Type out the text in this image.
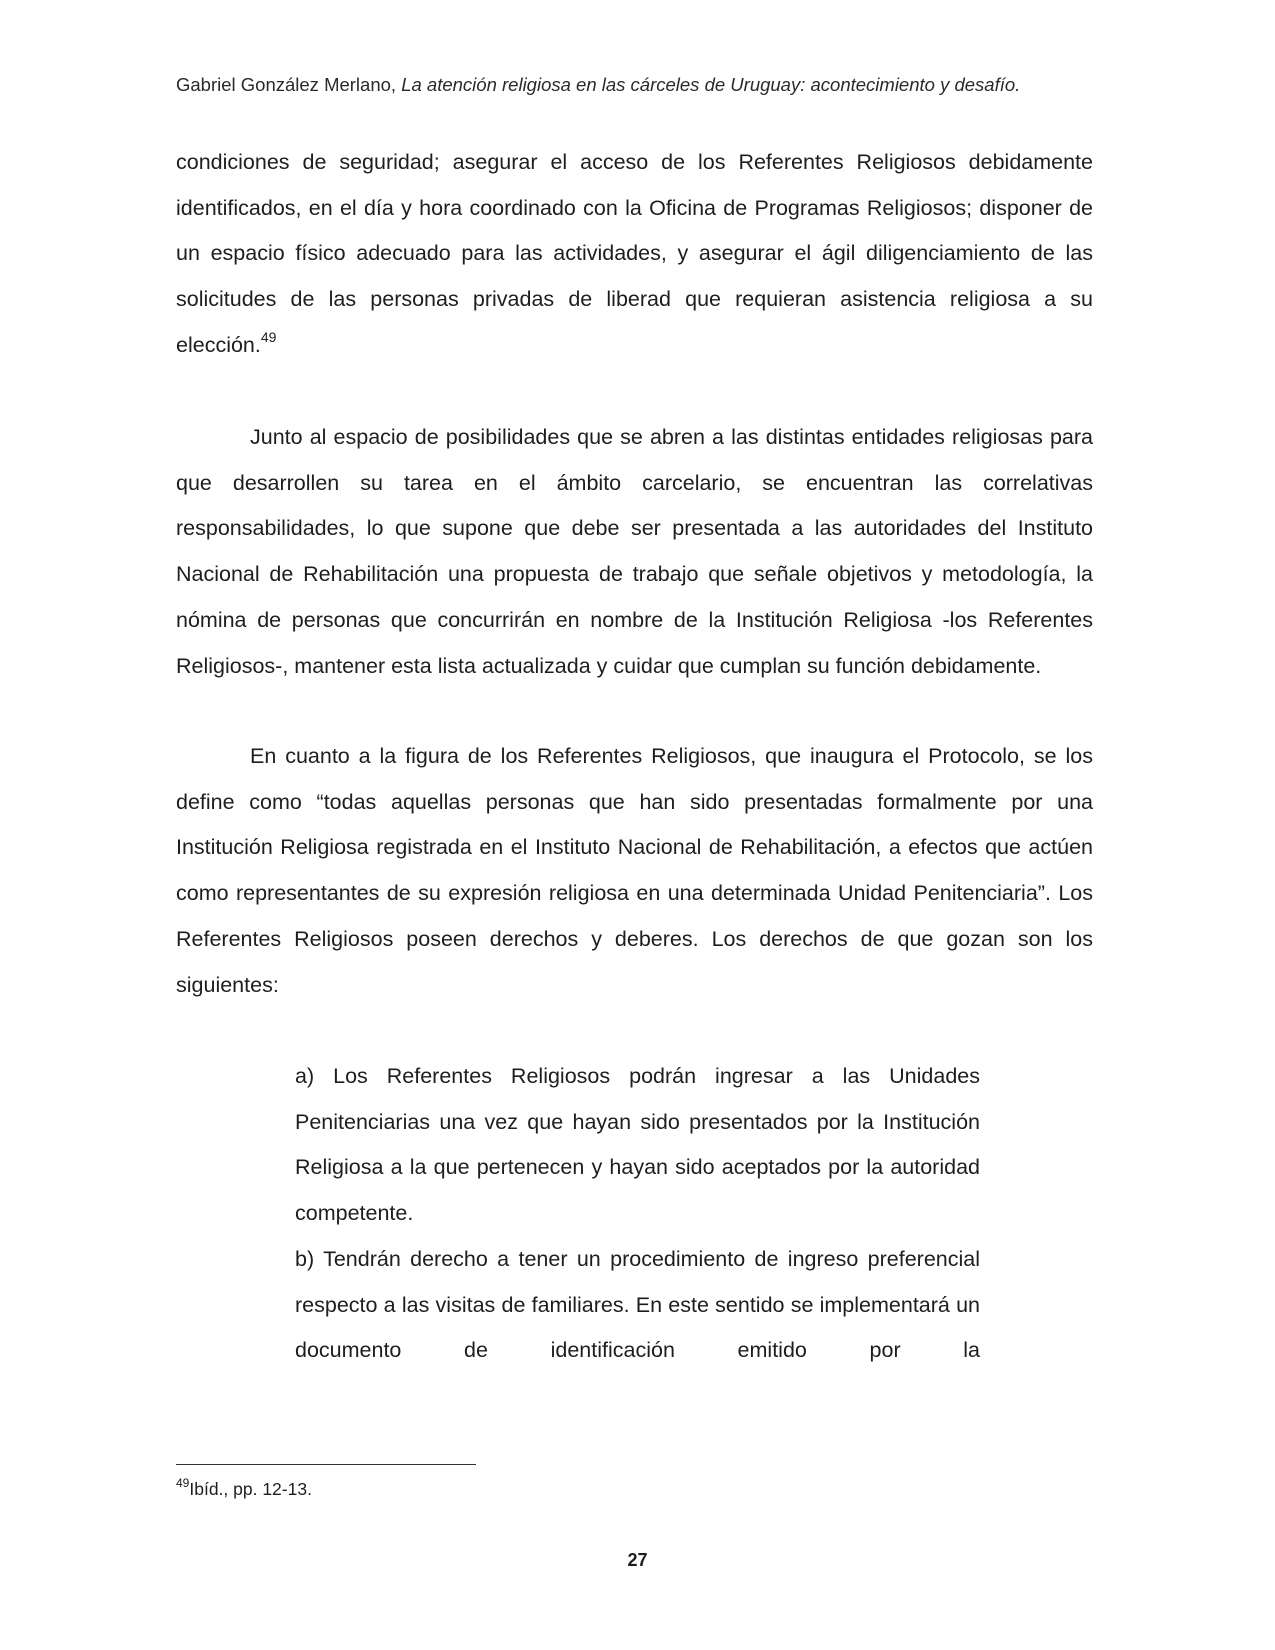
Gabriel González Merlano, La atención religiosa en las cárceles de Uruguay: acontecimiento y desafío.

condiciones de seguridad; asegurar el acceso de los Referentes Religiosos debidamente identificados, en el día y hora coordinado con la Oficina de Programas Religiosos; disponer de un espacio físico adecuado para las actividades, y asegurar el ágil diligenciamiento de las solicitudes de las personas privadas de liberad que requieran asistencia religiosa a su elección.$^{49}$

Junto al espacio de posibilidades que se abren a las distintas entidades religiosas para que desarrollen su tarea en el ámbito carcelario, se encuentran las correlativas responsabilidades, lo que supone que debe ser presentada a las autoridades del Instituto Nacional de Rehabilitación una propuesta de trabajo que señale objetivos y metodología, la nómina de personas que concurrirán en nombre de la Institución Religiosa -los Referentes Religiosos-, mantener esta lista actualizada y cuidar que cumplan su función debidamente.

En cuanto a la figura de los Referentes Religiosos, que inaugura el Protocolo, se los define como “todas aquellas personas que han sido presentadas formalmente por una Institución Religiosa registrada en el Instituto Nacional de Rehabilitación, a efectos que actúen como representantes de su expresión religiosa en una determinada Unidad Penitenciaria”. Los Referentes Religiosos poseen derechos y deberes. Los derechos de que gozan son los siguientes:

a) Los Referentes Religiosos podrán ingresar a las Unidades Penitenciarias una vez que hayan sido presentados por la Institución Religiosa a la que pertenecen y hayan sido aceptados por la autoridad competente.

b) Tendrán derecho a tener un procedimiento de ingreso preferencial respecto a las visitas de familiares. En este sentido se implementará un documento de identificación emitido por la

$^{49}$Ibíd., pp. 12-13.
27
